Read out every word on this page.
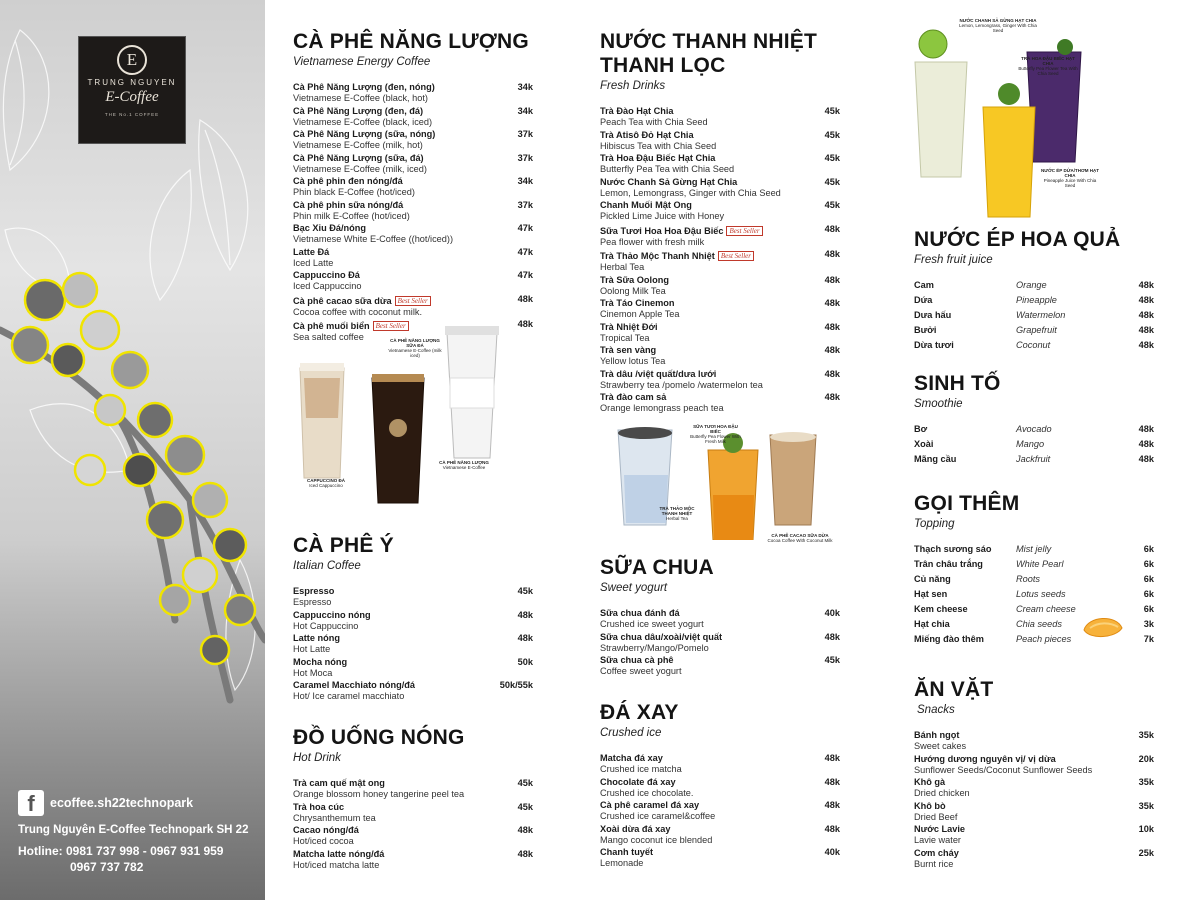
E
TRUNG NGUYEN
E-Coffee
THE No.1 COFFEE
f	ecoffee.sh22technopark
Trung Nguyên E-Coffee Technopark SH 22
Hotline: 0981 737 998 - 0967 931 959
0967 737 782
CÀ PHÊ NĂNG LƯỢNG
Vietnamese Energy Coffee
Cà Phê Năng Lượng (đen, nóng)
Vietnamese E-Coffee (black, hot)
34k
Cà Phê Năng Lượng (đen, đá)
Vietnamese E-Coffee (black, iced)
34k
Cà Phê Năng Lượng (sữa, nóng)
Vietnamese E-Coffee (milk, hot)
37k
Cà Phê Năng Lượng (sữa, đá)
Vietnamese E-Coffee (milk, iced)
37k
Cà phê phin đen nóng/đá
Phin black E-Coffee (hot/iced)
34k
Cà phê phin sữa nóng/đá
Phin milk E-Coffee (hot/iced)
37k
Bạc Xỉu Đá/nóng
Vietnamese White E-Coffee ((hot/iced))
47k
Latte Đá
Iced Latte
47k
Cappuccino Đá
Iced Cappuccino
47k
Cà phê cacao sữa dừa Best Seller
Cocoa coffee with coconut milk.
48k
Cà phê muối biển Best Seller
Sea salted coffee
48k
CÀ PHÊ NĂNG LƯỢNG SỮA ĐÁ
Vietnamese E-Coffee (milk iced)
CAPPUCCINO ĐÁ
Iced Cappuccino
CÀ PHÊ NĂNG LƯỢNG
Vietnamese E-Coffee
CÀ PHÊ Ý
Italian Coffee
Espresso
Espresso
45k
Cappuccino nóng
Hot Cappuccino
48k
Latte nóng
Hot Latte
48k
Mocha nóng
Hot Moca
50k
Caramel Macchiato nóng/đá
Hot/ Ice caramel macchiato
50k/55k
ĐỒ UỐNG NÓNG
Hot Drink
Trà cam quế mật ong
Orange blossom honey tangerine peel tea
45k
Trà hoa cúc
Chrysanthemum tea
45k
Cacao nóng/đá
Hot/iced cocoa
48k
Matcha latte nóng/đá
Hot/iced matcha latte
48k
NƯỚC THANH NHIỆT
THANH LỌC
Fresh Drinks
Trà Đào Hạt Chia
Peach Tea with Chia Seed
45k
Trà Atisô Đỏ Hạt Chia
Hibiscus Tea with Chia Seed
45k
Trà Hoa Đậu Biếc Hạt Chia
Butterfly Pea Tea with Chia Seed
45k
Nước Chanh Sả Gừng Hạt Chia
Lemon, Lemongrass, Ginger with Chia Seed
45k
Chanh Muối Mật Ong
Pickled Lime Juice with Honey
45k
Sữa Tươi Hoa Hoa Đậu Biếc Best Seller
Pea flower with fresh milk
48k
Trà Thảo Mộc Thanh Nhiệt Best Seller
Herbal Tea
48k
Trà Sữa Oolong
Oolong Milk Tea
48k
Trà Táo Cinemon
Cinemon Apple Tea
48k
Trà Nhiệt Đới
Tropical Tea
48k
Trà sen vàng
Yellow lotus Tea
48k
Trà dâu /việt quất/dưa lưới
Strawberry tea /pomelo /watermelon tea
48k
Trà đào cam sả
Orange lemongrass peach tea
48k
SỮA TƯƠI HOA ĐẬU BIẾC
Butterfly Pea Flower With Fresh Milk
TRÀ THẢO MỘC THANH NHIỆT
Herbal Tea
CÀ PHÊ CACAO SỮA DỪA
Cocoa Coffee With Coconut Milk
SỮA CHUA
Sweet yogurt
Sữa chua đánh đá
Crushed ice sweet yogurt
40k
Sữa chua dâu/xoài/việt quất
Strawberry/Mango/Pomelo
48k
Sữa chua cà phê
Coffee sweet yogurt
45k
ĐÁ XAY
Crushed ice
Matcha đá xay
Crushed ice matcha
48k
Chocolate đá xay
Crushed ice chocolate.
48k
Cà phê caramel đá xay
Crushed ice caramel&coffee
48k
Xoài dừa đá xay
Mango coconut ice blended
48k
Chanh tuyết
Lemonade
40k
NƯỚC CHANH SẢ GỪNG HẠT CHIA
Lemon, Lemongrass, Ginger With Chia Seed
TRÀ HOA ĐẬU BIẾC HẠT CHIA
Butterfly Pea Flower Tea With Chia Seed
NƯỚC ÉP DỨA/THƠM HẠT CHIA
Pineapple Juice With Chia Seed
NƯỚC ÉP HOA QUẢ
Fresh fruit juice
Cam	Orange	48k
Dứa	Pineapple	48k
Dưa hấu	Watermelon	48k
Bưởi	Grapefruit	48k
Dừa tươi	Coconut	48k
SINH TỐ
Smoothie
Bơ	Avocado	48k
Xoài	Mango	48k
Mãng cầu	Jackfruit	48k
GỌI THÊM
Topping
Thạch sương sáo	Mist jelly	6k
Trân châu trắng	White Pearl	6k
Củ năng	Roots	6k
Hạt sen	Lotus seeds	6k
Kem cheese	Cream cheese	6k
Hạt chia	Chia seeds	3k
Miếng đào thêm	Peach pieces	7k
ĂN VẶT
Snacks
Bánh ngọt
Sweet cakes
35k
Hướng dương nguyên vị/ vị dừa
Sunflower Seeds/Coconut Sunflower Seeds
20k
Khô gà
Dried chicken
35k
Khô bò
Dried Beef
35k
Nước Lavie
Lavie water
10k
Cơm cháy
Burnt rice
25k
